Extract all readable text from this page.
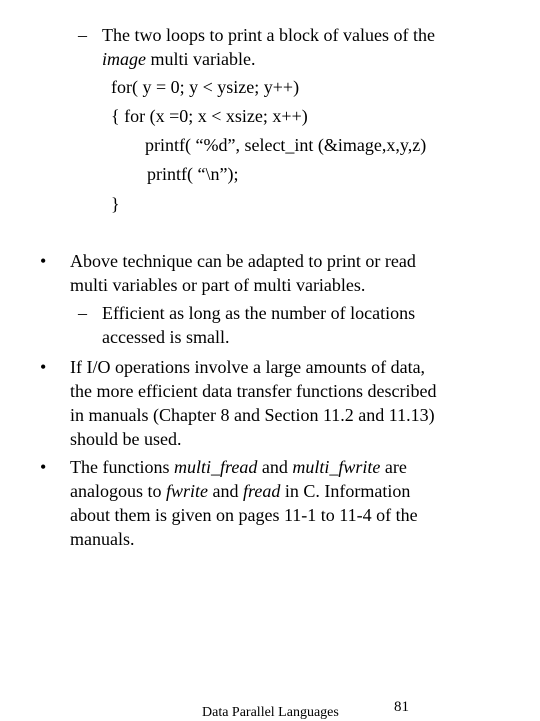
– The two loops to print a block of values of the
image multi variable.
for( y = 0; y < ysize; y++)
{ for (x =0; x < xsize; x++)
printf( “%d”, select_int (&image,x,y,z)
printf( “\n”);
}
• Above technique can be adapted to print or read
multi variables or part of multi variables.
– Efficient as long as the number of locations
accessed is small.
• If I/O operations involve a large amounts of data,
the more efficient data transfer functions described
in manuals (Chapter 8 and Section 11.2 and 11.13)
should be used.
• The functions multi_fread and multi_fwrite are
analogous to fwrite and fread in C. Information
about them is given on pages 11-1 to 11-4 of the
manuals.
Data Parallel Languages	81
